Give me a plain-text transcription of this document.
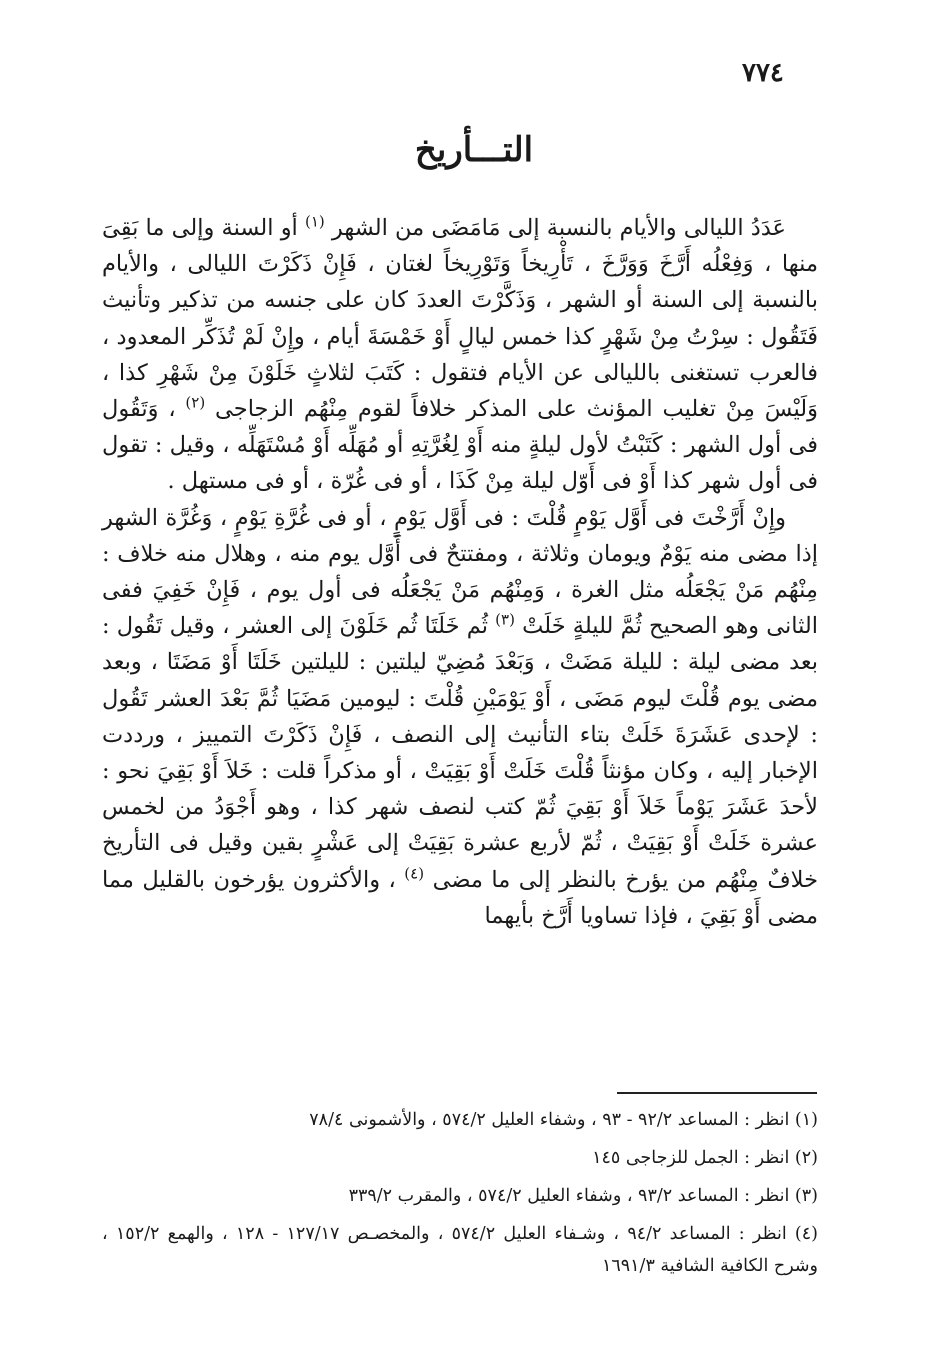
٧٧٤
التـــأريخ

عَدَدُ الليالى والأيام بالنسبة إلى مَامَضَى من الشهر $^{(١)}$ أو السنة وإلى ما بَقِىَ منها ، وَفِعْلُه أَرَّخَ وَوَرَّخَ ، تَأْرِيخاً وَتَوْرِيخاً لغتان ، فَإِنْ ذَكَرْتَ الليالى ، والأيام بالنسبة إلى السنة أو الشهر ، وَذَكَّرْتَ العددَ كان على جنسه من تذكير وتأنيث فَتَقُول : سِرْتُ مِنْ شَهْرٍ كذا خمس ليالٍ أَوْ خَمْسَةَ أيام ، وإِنْ لَمْ تُذَكِّر المعدود ، فالعرب تستغنى بالليالى عن الأيام فتقول : كَتَبَ لثلاثٍ خَلَوْنَ مِنْ شَهْرِ كذا ، وَلَيْسَ مِنْ تغليب المؤنث على المذكر خلافاً لقوم مِنْهُم الزجاجى $^{(٢)}$ ، وَتَقُول فى أول الشهر : كَتَبْتُ لأول ليلةٍ منه أَوْ لِغُرَّتِهِ أو مُهَلِّه أَوْ مُسْتَهَلِّه ، وقيل : تقول فى أول شهر كذا أَوْ فى أَوّل ليلة مِنْ كَذَا ، أو فى غُرّة ، أو فى مستهل .

وإِنْ أَرَّخْتَ فى أَوَّل يَوْمٍ قُلْتَ : فى أَوَّل يَوْمٍ ، أو فى غُرَّةِ يَوْمٍ ، وَغُرَّة الشهر إذا مضى منه يَوْمٌ ويومان وثلاثة ، ومفتتحٌ فى أَوَّل يوم منه ، وهلال منه خلاف : مِنْهُم مَنْ يَجْعَلُه مثل الغرة ، وَمِنْهُم مَنْ يَجْعَلُه فى أول يوم ، فَإِنْ خَفِيَ ففى الثانى وهو الصحيح ثُمَّ لليلةٍ خَلَتْ $^{(٣)}$ ثُم خَلَتَا ثُم خَلَوْنَ إلى العشر ، وقيل تَقُول : بعد مضى ليلة : لليلة مَضَتْ ، وَبَعْدَ مُضِيّ ليلتين : لليلتين خَلَتَا أَوْ مَضَتَا ، وبعد مضى يوم قُلْتَ ليوم مَضَى ، أَوْ يَوْمَيْنِ قُلْتَ : ليومين مَضَيَا ثُمَّ بَعْدَ العشر تَقُول : لإحدى عَشَرَةَ خَلَتْ بتاء التأنيث إلى النصف ، فَإِنْ ذَكَرْتَ التمييز ، ورددت الإخبار إليه ، وكان مؤنثاً قُلْتَ خَلَتْ أَوْ بَقِيَتْ ، أو مذكراً قلت : خَلاَ أَوْ بَقِيَ نحو : لأحدَ عَشَرَ يَوْماً خَلاَ أَوْ بَقِيَ ثُمّ كتب لنصف شهر كذا ، وهو أَجْوَدُ من لخمس عشرة خَلَتْ أَوْ بَقِيَتْ ، ثُمّ لأربع عشرة بَقِيَتْ إلى عَشْرٍ بقين وقيل فى التأريخ خلافٌ مِنْهُم من يؤرخ بالنظر إلى ما مضى $^{(٤)}$ ، والأكثرون يؤرخون بالقليل مما مضى أَوْ بَقِيَ ، فإذا تساويا أَرَّخ بأيهما

(١) انظر : المساعد ٩٢/٢ - ٩٣ ، وشفاء العليل ٥٧٤/٢ ، والأشمونى ٧٨/٤

(٢) انظر : الجمل للزجاجى ١٤٥

(٣) انظر : المساعد ٩٣/٢ ، وشفاء العليل ٥٧٤/٢ ، والمقرب ٣٣٩/٢

(٤) انظر : المساعد ٩٤/٢ ، وشـفاء العليل ٥٧٤/٢ ، والمخصـص ١٢٧/١٧ - ١٢٨ ، والهمع ١٥٢/٢ ، وشرح الكافية الشافية ١٦٩١/٣
